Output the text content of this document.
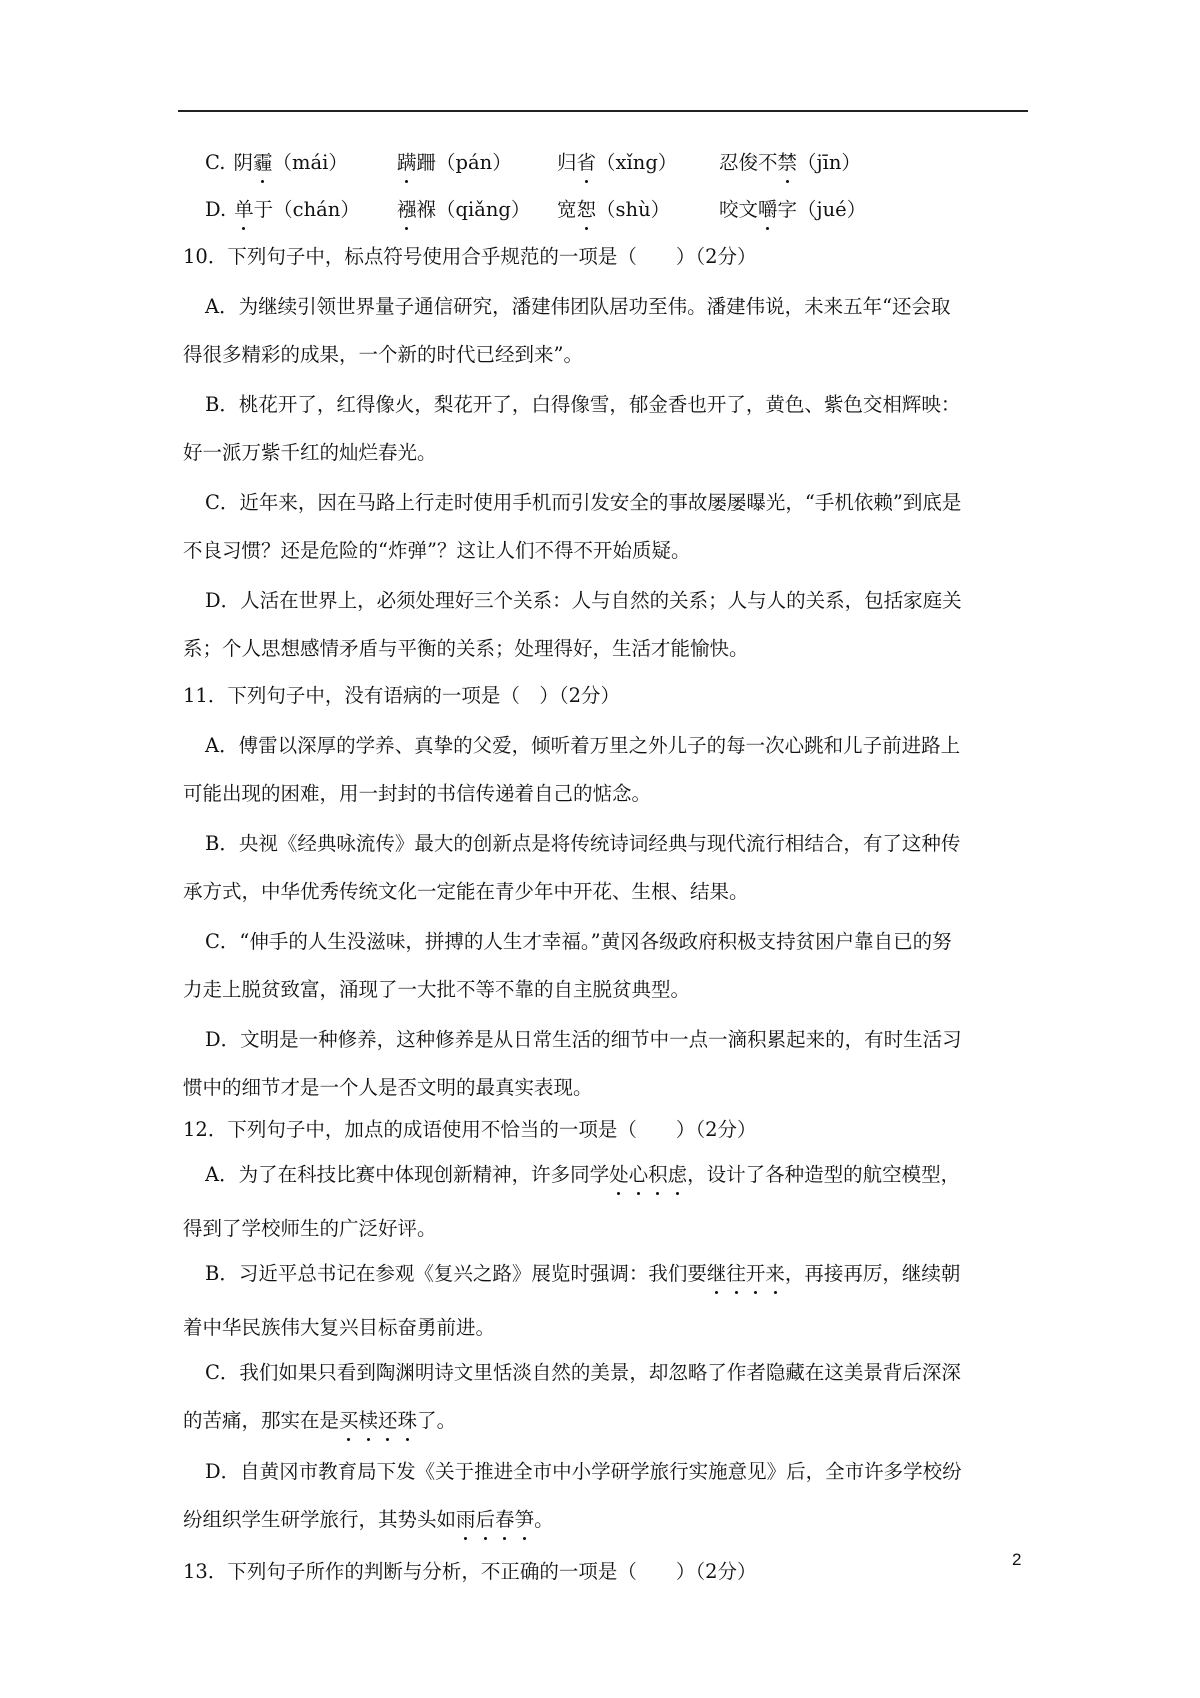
C. 阴霾（mái）	蹒跚（pán） 归省（xǐng） 忍俊不禁（jīn）
D. 单于（chán） 襁褓（qiǎng） 宽恕（shù）	咬文嚼字（jué）
10．下列句子中，标点符号使用合乎规范的一项是（　　）（2分）
A．为继续引领世界量子通信研究，潘建伟团队居功至伟。潘建伟说，未来五年“还会取
得很多精彩的成果，一个新的时代已经到来”。
B．桃花开了，红得像火，梨花开了，白得像雪，郁金香也开了，黄色、紫色交相辉映：
好一派万紫千红的灿烂春光。
C．近年来，因在马路上行走时使用手机而引发安全的事故屡屡曝光，“手机依赖”到底是
不良习惯？还是危险的“炸弹”？这让人们不得不开始质疑。
D．人活在世界上，必须处理好三个关系：人与自然的关系；人与人的关系，包括家庭关
系；个人思想感情矛盾与平衡的关系；处理得好，生活才能愉快。
11．下列句子中，没有语病的一项是（　）（2分）
A．傅雷以深厚的学养、真挚的父爱，倾听着万里之外儿子的每一次心跳和儿子前进路上
可能出现的困难，用一封封的书信传递着自己的惦念。
B．央视《经典咏流传》最大的创新点是将传统诗词经典与现代流行相结合，有了这种传
承方式，中华优秀传统文化一定能在青少年中开花、生根、结果。
C．“伸手的人生没滋味，拼搏的人生才幸福。”黄冈各级政府积极支持贫困户靠自已的努
力走上脱贫致富，涌现了一大批不等不靠的自主脱贫典型。
D．文明是一种修养，这种修养是从日常生活的细节中一点一滴积累起来的，有时生活习
惯中的细节才是一个人是否文明的最真实表现。
12．下列句子中，加点的成语使用不恰当的一项是（　　）（2分）
A．为了在科技比赛中体现创新精神，许多同学处心积虑，设计了各种造型的航空模型，
得到了学校师生的广泛好评。
B．习近平总书记在参观《复兴之路》展览时强调：我们要继往开来，再接再厉，继续朝
着中华民族伟大复兴目标奋勇前进。
C．我们如果只看到陶渊明诗文里恬淡自然的美景，却忽略了作者隐藏在这美景背后深深
的苦痛，那实在是买椟还珠了。
D．自黄冈市教育局下发《关于推进全市中小学研学旅行实施意见》后，全市许多学校纷
纷组织学生研学旅行，其势头如雨后春笋。
13．下列句子所作的判断与分析，不正确的一项是（　　）（2分）
2
